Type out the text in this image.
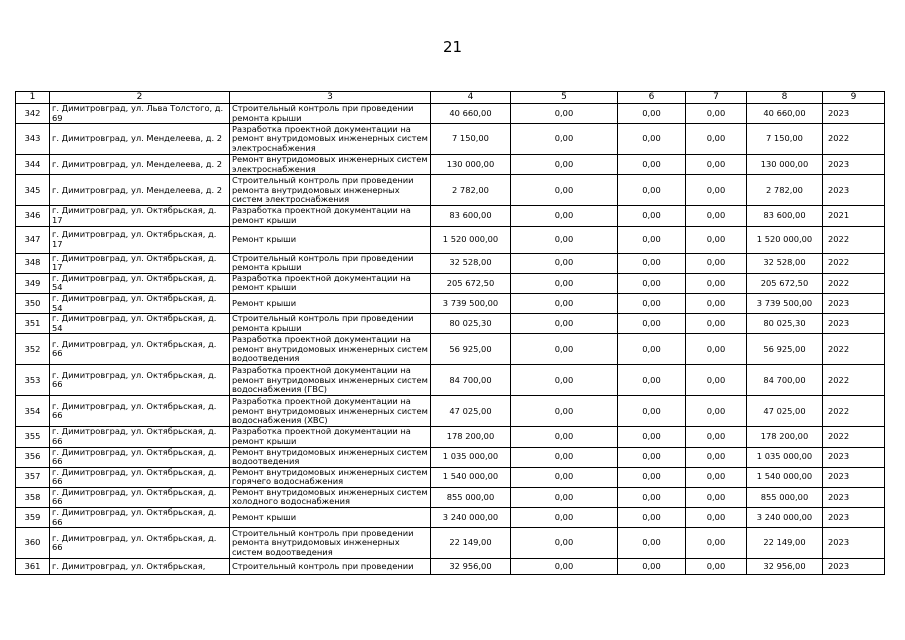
21
1	2	3	4	5	6	7	8	9
342	г. Димитровград, ул. Льва Толстого, д. 69	Строительный контроль при проведении ремонта крыши	40 660,00	0,00	0,00	0,00	40 660,00	2023
343	г. Димитровград, ул. Менделеева, д. 2	Разработка проектной документации на ремонт внутридомовых инженерных систем электроснабжения	7 150,00	0,00	0,00	0,00	7 150,00	2022
344	г. Димитровград, ул. Менделеева, д. 2	Ремонт внутридомовых инженерных систем электроснабжения	130 000,00	0,00	0,00	0,00	130 000,00	2023
345	г. Димитровград, ул. Менделеева, д. 2	Строительный контроль при проведении ремонта внутридомовых инженерных систем электроснабжения	2 782,00	0,00	0,00	0,00	2 782,00	2023
346	г. Димитровград, ул. Октябрьская, д. 17	Разработка проектной документации на ремонт крыши	83 600,00	0,00	0,00	0,00	83 600,00	2021
347	г. Димитровград, ул. Октябрьская, д. 17	Ремонт крыши	1 520 000,00	0,00	0,00	0,00	1 520 000,00	2022
348	г. Димитровград, ул. Октябрьская, д. 17	Строительный контроль при проведении ремонта крыши	32 528,00	0,00	0,00	0,00	32 528,00	2022
349	г. Димитровград, ул. Октябрьская, д. 54	Разработка проектной документации на ремонт крыши	205 672,50	0,00	0,00	0,00	205 672,50	2022
350	г. Димитровград, ул. Октябрьская, д. 54	Ремонт крыши	3 739 500,00	0,00	0,00	0,00	3 739 500,00	2023
351	г. Димитровград, ул. Октябрьская, д. 54	Строительный контроль при проведении ремонта крыши	80 025,30	0,00	0,00	0,00	80 025,30	2023
352	г. Димитровград, ул. Октябрьская, д. 66	Разработка проектной документации на ремонт внутридомовых инженерных систем водоотведения	56 925,00	0,00	0,00	0,00	56 925,00	2022
353	г. Димитровград, ул. Октябрьская, д. 66	Разработка проектной документации на ремонт внутридомовых инженерных систем водоснабжения (ГВС)	84 700,00	0,00	0,00	0,00	84 700,00	2022
354	г. Димитровград, ул. Октябрьская, д. 66	Разработка проектной документации на ремонт внутридомовых инженерных систем водоснабжения (ХВС)	47 025,00	0,00	0,00	0,00	47 025,00	2022
355	г. Димитровград, ул. Октябрьская, д. 66	Разработка проектной документации на ремонт крыши	178 200,00	0,00	0,00	0,00	178 200,00	2022
356	г. Димитровград, ул. Октябрьская, д. 66	Ремонт внутридомовых инженерных систем водоотведения	1 035 000,00	0,00	0,00	0,00	1 035 000,00	2023
357	г. Димитровград, ул. Октябрьская, д. 66	Ремонт внутридомовых инженерных систем горячего водоснабжения	1 540 000,00	0,00	0,00	0,00	1 540 000,00	2023
358	г. Димитровград, ул. Октябрьская, д. 66	Ремонт внутридомовых инженерных систем холодного водоснабжения	855 000,00	0,00	0,00	0,00	855 000,00	2023
359	г. Димитровград, ул. Октябрьская, д. 66	Ремонт крыши	3 240 000,00	0,00	0,00	0,00	3 240 000,00	2023
360	г. Димитровград, ул. Октябрьская, д. 66	Строительный контроль при проведении ремонта внутридомовых инженерных систем водоотведения	22 149,00	0,00	0,00	0,00	22 149,00	2023
361	г. Димитровград, ул. Октябрьская,	Строительный контроль при проведении	32 956,00	0,00	0,00	0,00	32 956,00	2023
